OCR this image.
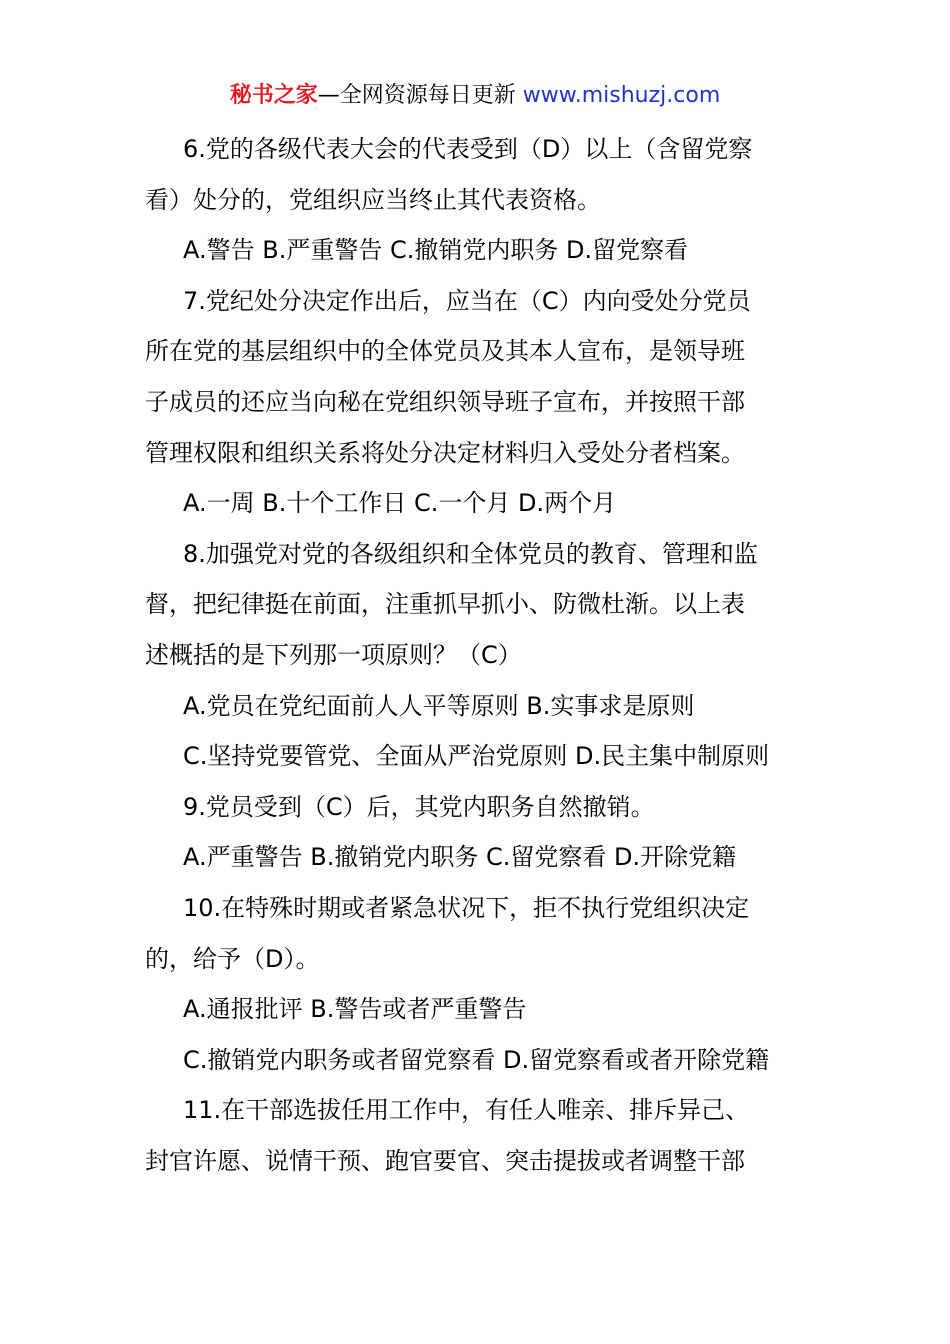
秘书之家—全网资源每日更新 www.mishuzj.com
6.党的各级代表大会的代表受到（D）以上（含留党察
看）处分的，党组织应当终止其代表资格。
A.警告 B.严重警告 C.撤销党内职务 D.留党察看
7.党纪处分决定作出后，应当在（C）内向受处分党员
所在党的基层组织中的全体党员及其本人宣布，是领导班
子成员的还应当向秘在党组织领导班子宣布，并按照干部
管理权限和组织关系将处分决定材料归入受处分者档案。
A.一周 B.十个工作日 C.一个月 D.两个月
8.加强党对党的各级组织和全体党员的教育、管理和监
督，把纪律挺在前面，注重抓早抓小、防微杜渐。以上表
述概括的是下列那一项原则？（C）
A.党员在党纪面前人人平等原则 B.实事求是原则
C.坚持党要管党、全面从严治党原则 D.民主集中制原则
9.党员受到（C）后，其党内职务自然撤销。
A.严重警告 B.撤销党内职务 C.留党察看 D.开除党籍
10.在特殊时期或者紧急状况下，拒不执行党组织决定
的，给予（D）。
A.通报批评 B.警告或者严重警告
C.撤销党内职务或者留党察看 D.留党察看或者开除党籍
11.在干部选拔任用工作中，有任人唯亲、排斥异己、
封官许愿、说情干预、跑官要官、突击提拔或者调整干部
